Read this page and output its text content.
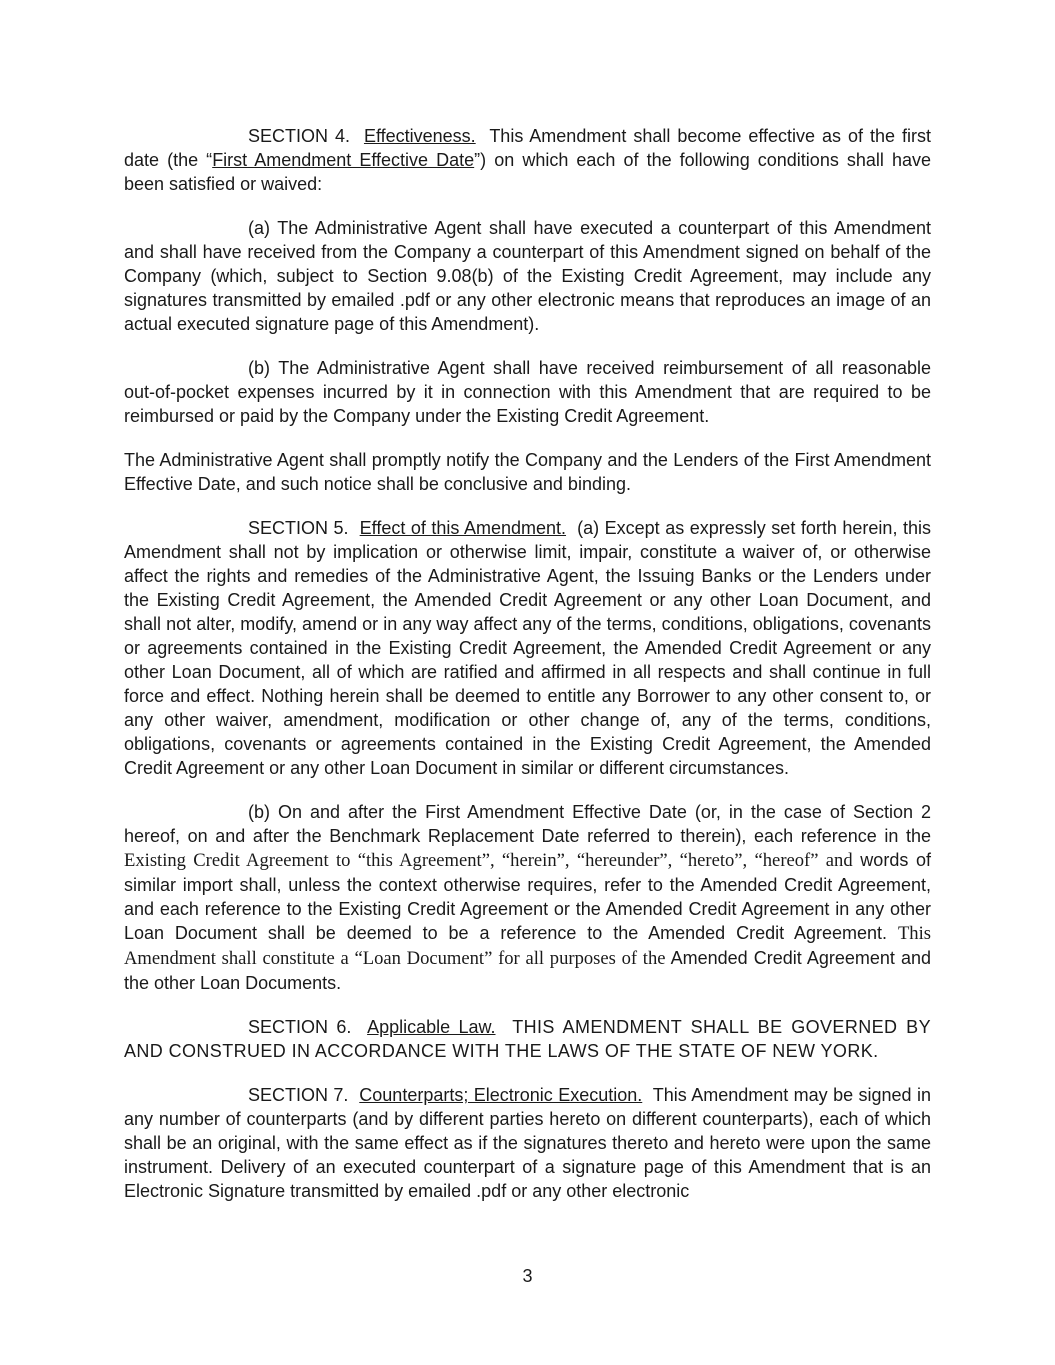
SECTION 4. Effectiveness. This Amendment shall become effective as of the first date (the “First Amendment Effective Date”) on which each of the following conditions shall have been satisfied or waived:

(a) The Administrative Agent shall have executed a counterpart of this Amendment and shall have received from the Company a counterpart of this Amendment signed on behalf of the Company (which, subject to Section 9.08(b) of the Existing Credit Agreement, may include any signatures transmitted by emailed .pdf or any other electronic means that reproduces an image of an actual executed signature page of this Amendment).

(b) The Administrative Agent shall have received reimbursement of all reasonable out-of-pocket expenses incurred by it in connection with this Amendment that are required to be reimbursed or paid by the Company under the Existing Credit Agreement.

The Administrative Agent shall promptly notify the Company and the Lenders of the First Amendment Effective Date, and such notice shall be conclusive and binding.

SECTION 5. Effect of this Amendment. (a) Except as expressly set forth herein, this Amendment shall not by implication or otherwise limit, impair, constitute a waiver of, or otherwise affect the rights and remedies of the Administrative Agent, the Issuing Banks or the Lenders under the Existing Credit Agreement, the Amended Credit Agreement or any other Loan Document, and shall not alter, modify, amend or in any way affect any of the terms, conditions, obligations, covenants or agreements contained in the Existing Credit Agreement, the Amended Credit Agreement or any other Loan Document, all of which are ratified and affirmed in all respects and shall continue in full force and effect. Nothing herein shall be deemed to entitle any Borrower to any other consent to, or any other waiver, amendment, modification or other change of, any of the terms, conditions, obligations, covenants or agreements contained in the Existing Credit Agreement, the Amended Credit Agreement or any other Loan Document in similar or different circumstances.

(b) On and after the First Amendment Effective Date (or, in the case of Section 2 hereof, on and after the Benchmark Replacement Date referred to therein), each reference in the Existing Credit Agreement to “this Agreement”, “herein”, “hereunder”, “hereto”, “hereof” and words of similar import shall, unless the context otherwise requires, refer to the Amended Credit Agreement, and each reference to the Existing Credit Agreement or the Amended Credit Agreement in any other Loan Document shall be deemed to be a reference to the Amended Credit Agreement. This Amendment shall constitute a “Loan Document” for all purposes of the Amended Credit Agreement and the other Loan Documents.

SECTION 6. Applicable Law. THIS AMENDMENT SHALL BE GOVERNED BY AND CONSTRUED IN ACCORDANCE WITH THE LAWS OF THE STATE OF NEW YORK.

SECTION 7. Counterparts; Electronic Execution. This Amendment may be signed in any number of counterparts (and by different parties hereto on different counterparts), each of which shall be an original, with the same effect as if the signatures thereto and hereto were upon the same instrument. Delivery of an executed counterpart of a signature page of this Amendment that is an Electronic Signature transmitted by emailed .pdf or any other electronic

3
